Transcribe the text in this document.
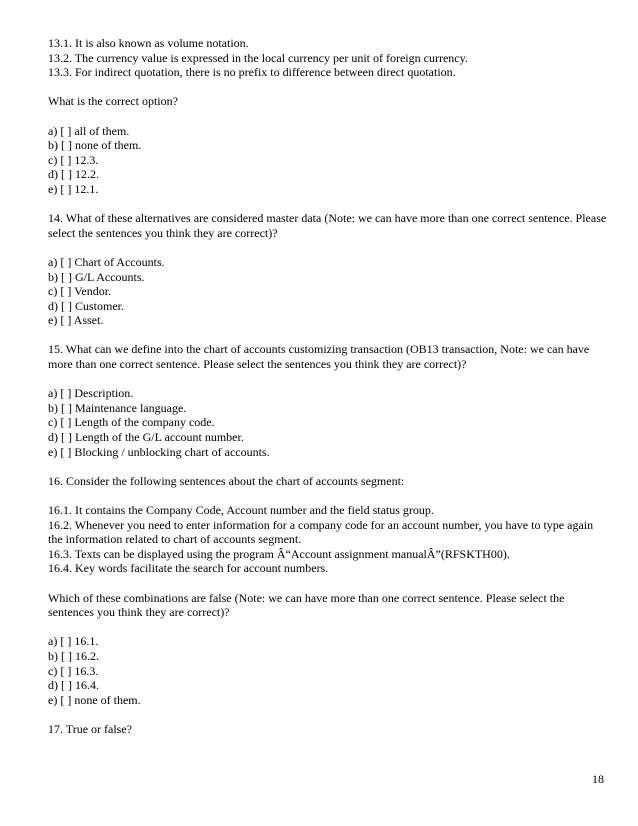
13.1. It is also known as volume notation.
13.2. The currency value is expressed in the local currency per unit of foreign currency.
13.3. For indirect quotation, there is no prefix to difference between direct quotation.
What is the correct option?
a) [ ] all of them.
b) [ ] none of them.
c) [ ] 12.3.
d) [ ] 12.2.
e) [ ] 12.1.
14. What of these alternatives are considered master data (Note: we can have more than one correct sentence. Please select the sentences you think they are correct)?
a) [ ] Chart of Accounts.
b) [ ] G/L Accounts.
c) [ ] Vendor.
d) [ ] Customer.
e) [ ] Asset.
15. What can we define into the chart of accounts customizing transaction (OB13 transaction, Note: we can have more than one correct sentence. Please select the sentences you think they are correct)?
a) [ ] Description.
b) [ ] Maintenance language.
c) [ ] Length of the company code.
d) [ ] Length of the G/L account number.
e) [ ] Blocking / unblocking chart of accounts.
16. Consider the following sentences about the chart of accounts segment:
16.1. It contains the Company Code, Account number and the field status group.
16.2. Whenever you need to enter information for a company code for an account number, you have to type again the information related to chart of accounts segment.
16.3. Texts can be displayed using the program Â“Account assignment manualÂ”(RFSKTH00).
16.4. Key words facilitate the search for account numbers.
Which of these combinations are false (Note: we can have more than one correct sentence. Please select the sentences you think they are correct)?
a) [ ] 16.1.
b) [ ] 16.2.
c) [ ] 16.3.
d) [ ] 16.4.
e) [ ] none of them.
17. True or false?
18
